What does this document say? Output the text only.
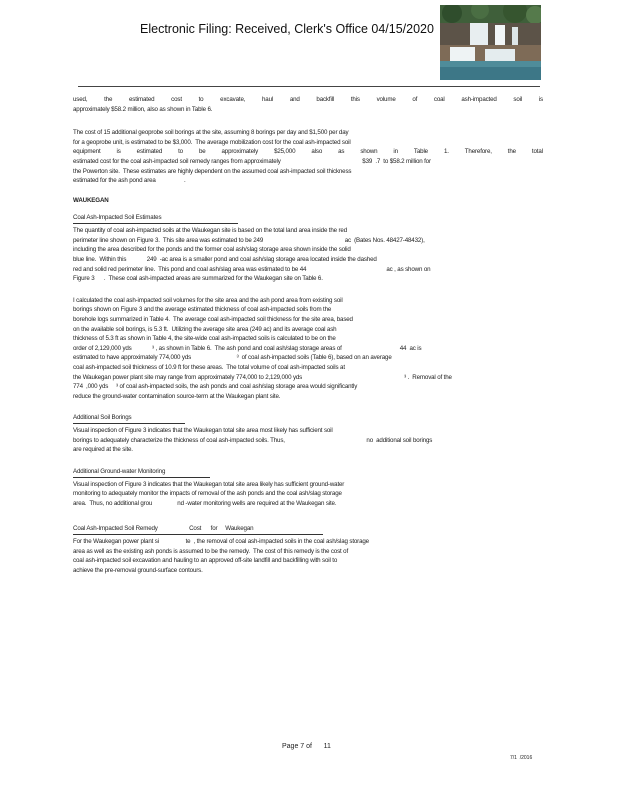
Electronic Filing: Received, Clerk's Office 04/15/2020

used,	the	estimated	cost	to	excavate,	haul	and	backfill	this	volume	of	coal	ash-impacted	soil	is
approximately $58.2 million, also as shown in Table 6.

The cost of 15 additional geoprobe soil borings at the site, assuming 8 borings per day and $1,500 per day
for a geoprobe unit, is estimated to be $3,000.  The average mobilization cost for the coal ash-impacted soil
equipment	is	estimated	to	be	approximately	$25,000	also	as	shown	in	Table	1.	Therefore,	the	total
estimated cost for the coal ash-impacted soil remedy ranges from approximately                                                    $39  .7  to $58.2 million for
the Powerton site.  These estimates are highly dependent on the assumed coal ash-impacted soil thickness
estimated for the ash pond area                  .

WAUKEGAN

Coal Ash-Impacted Soil Estimates
The quantity of coal ash-impacted soils at the Waukegan site is based on the total land area inside the red
perimeter line shown on Figure 3.  This site area was estimated to be 249                                                    ac  (Bates Nos. 48427-48432),
including the area described for the ponds and the former coal ash/slag storage area shown inside the solid
blue line.  Within this             249  -ac area is a smaller pond and coal ash/slag storage area located inside the dashed
red and solid red perimeter line.  This pond and coal ash/slag area was estimated to be 44                                                   ac , as shown on
Figure 3      .  These coal ash-impacted areas are summarized for the Waukegan site on Table 6.

I calculated the coal ash-impacted soil volumes for the site area and the ash pond area from existing soil
borings shown on Figure 3 and the average estimated thickness of coal ash-impacted soils from the
borehole logs summarized in Table 4.  The average coal ash-impacted soil thickness for the site area, based
on the available soil borings, is 5.3 ft.  Utilizing the average site area (249 ac) and its average coal ash
thickness of 5.3 ft as shown in Table 4, the site-wide coal ash-impacted soils is calculated to be on the
order of 2,129,000 yds             ³ , as shown in Table 6.  The ash pond and coal ash/slag storage areas of                                     44  ac is
estimated to have approximately 774,000 yds                             ³  of coal ash-impacted soils (Table 6), based on an average
coal ash-impacted soil thickness of 10.9 ft for these areas.  The total volume of coal ash-impacted soils at
the Waukegan power plant site may range from approximately 774,000 to 2,129,000 yds                                                                 ³ .  Removal of the
774  ,000 yds     ³ of coal ash-impacted soils, the ash ponds and coal ash/slag storage area would significantly
reduce the ground-water contamination source-term at the Waukegan plant site.

Additional Soil Borings
Visual inspection of Figure 3 indicates that the Waukegan total site area most likely has sufficient soil
borings to adequately characterize the thickness of coal ash-impacted soils. Thus,                                                    no  additional soil borings
are required at the site.

Additional Ground-water Monitoring
Visual inspection of Figure 3 indicates that the Waukegan total site area likely has sufficient ground-water
monitoring to adequately monitor the impacts of removal of the ash ponds and the coal ash/slag storage
area.  Thus, no additional grou                nd -water monitoring wells are required at the Waukegan site.

Coal Ash-Impacted Soil Remedy                    Cost      for     Waukegan
For the Waukegan power plant si                 te  , the removal of coal ash-impacted soils in the coal ash/slag storage
area as well as the existing ash ponds is assumed to be the remedy.  The cost of this remedy is the cost of
coal ash-impacted soil excavation and hauling to an approved off-site landfill and backfilling with soil to
achieve the pre-removal ground-surface contours.

Page 7 of      11
7/1  /2016
